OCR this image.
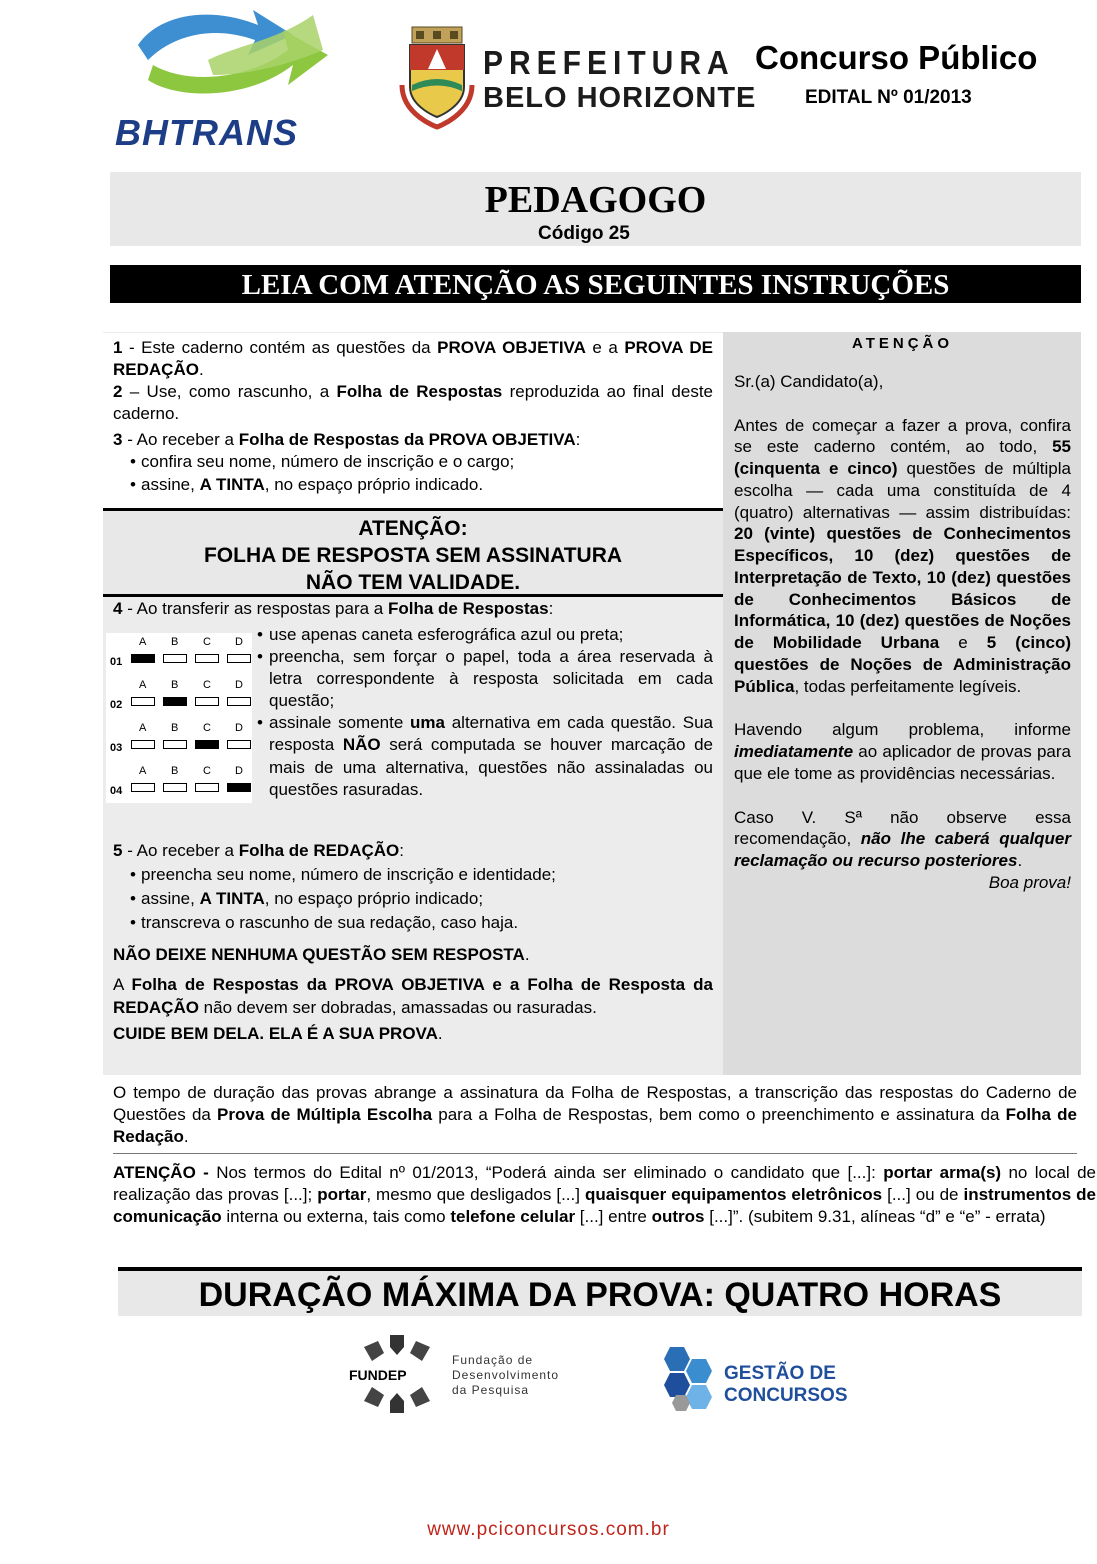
BHTRANS
PREFEITURA
BELO HORIZONTE
Concurso Público
EDITAL Nº 01/2013
PEDAGOGO
Código 25
LEIA COM ATENÇÃO AS SEGUINTES INSTRUÇÕES

1 - Este caderno contém as questões da PROVA OBJETIVA e a PROVA DE REDAÇÃO.

2 – Use, como rascunho, a Folha de Respostas reproduzida ao final deste caderno.

3 - Ao receber a Folha de Respostas da PROVA OBJETIVA:

• confira seu nome, número de inscrição e o cargo;
• assine, A TINTA, no espaço próprio indicado.
ATENÇÃO:
FOLHA DE RESPOSTA SEM ASSINATURA
NÃO TEM VALIDADE.
4 - Ao transferir as respostas para a Folha de Respostas:
01
A B C D
02
A B C D
03
A B C D
04
A B C D
• use apenas caneta esferográfica azul ou preta;
• preencha, sem forçar o papel, toda a área reservada à letra correspondente à resposta solicitada em cada questão;
• assinale somente uma alternativa em cada questão. Sua resposta NÃO será computada se houver marcação de mais de uma alternativa, questões não assinaladas ou questões rasuradas.

5 - Ao receber a Folha de REDAÇÃO:

• preencha seu nome, número de inscrição e identidade;
• assine, A TINTA, no espaço próprio indicado;
• transcreva o rascunho de sua redação, caso haja.

NÃO DEIXE NENHUMA QUESTÃO SEM RESPOSTA.

A Folha de Respostas da PROVA OBJETIVA e a Folha de Resposta da REDAÇÃO não devem ser dobradas, amassadas ou rasuradas.

CUIDE BEM DELA. ELA É A SUA PROVA.

ATENÇÃO

Sr.(a) Candidato(a),

Antes de começar a fazer a prova, confira se este caderno contém, ao todo, 55 (cinquenta e cinco) questões de múltipla escolha — cada uma constituída de 4 (quatro) alternativas — assim distribuídas: 20 (vinte) questões de Conhecimentos Específicos, 10 (dez) questões de Interpretação de Texto, 10 (dez) questões de Conhecimentos Básicos de Informática, 10 (dez) questões de Noções de Mobilidade Urbana e 5 (cinco) questões de Noções de Administração Pública, todas perfeitamente legíveis.

Havendo algum problema, informe imediatamente ao aplicador de provas para que ele tome as providências necessárias.

Caso V. Sª não observe essa recomendação, não lhe caberá qualquer reclamação ou recurso posteriores.

Boa prova!

O tempo de duração das provas abrange a assinatura da Folha de Respostas, a transcrição das respostas do Caderno de Questões da Prova de Múltipla Escolha para a Folha de Respostas, bem como o preenchimento e assinatura da Folha de Redação.
ATENÇÃO - Nos termos do Edital nº 01/2013, “Poderá ainda ser eliminado o candidato que [...]: portar arma(s) no local de realização das provas [...]; portar, mesmo que desligados [...] quaisquer equipamentos eletrônicos [...] ou de instrumentos de comunicação interna ou externa, tais como telefone celular [...] entre outros [...]”. (subitem 9.31, alíneas “d” e “e” - errata)
DURAÇÃO MÁXIMA DA PROVA: QUATRO HORAS
FUNDEP
Fundação de
Desenvolvimento
da Pesquisa
GESTÃO DE
CONCURSOS
www.pciconcursos.com.br
